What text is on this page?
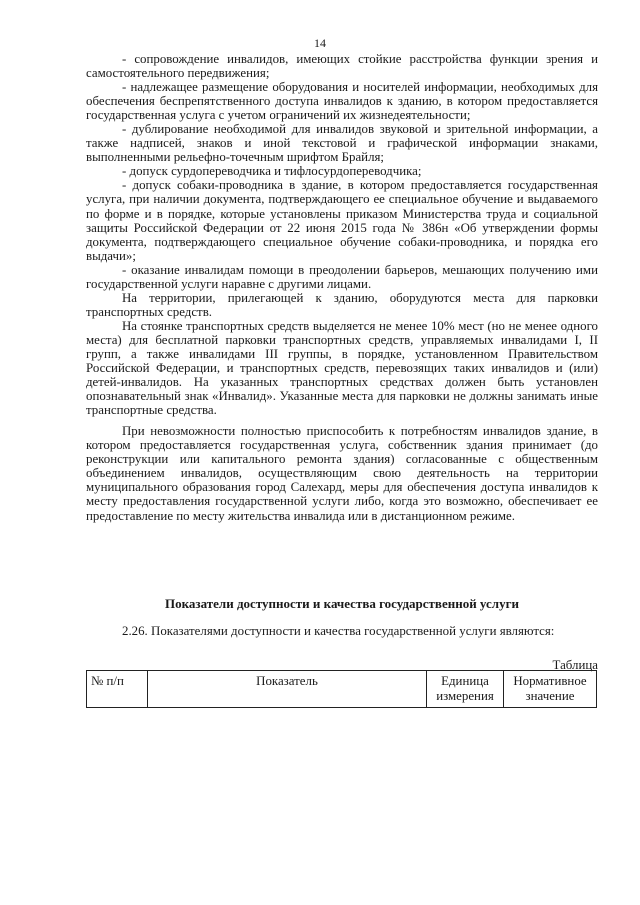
14

- сопровождение инвалидов, имеющих стойкие расстройства функции зрения и самостоятельного передвижения;

- надлежащее размещение оборудования и носителей информации, необходимых для обеспечения беспрепятственного доступа инвалидов к зданию, в котором предоставляется государственная услуга с учетом ограничений их жизнедеятельности;

- дублирование необходимой для инвалидов звуковой и зрительной информации, а также надписей, знаков и иной текстовой и графической информации знаками, выполненными рельефно-точечным шрифтом Брайля;

- допуск сурдопереводчика и тифлосурдопереводчика;

- допуск собаки-проводника в здание, в котором предоставляется государственная услуга, при наличии документа, подтверждающего ее специальное обучение и выдаваемого по форме и в порядке, которые установлены приказом Министерства труда и социальной защиты Российской Федерации от 22 июня 2015 года № 386н «Об утверждении формы документа, подтверждающего специальное обучение собаки-проводника, и порядка его выдачи»;

- оказание инвалидам помощи в преодолении барьеров, мешающих получению ими государственной услуги наравне с другими лицами.

На территории, прилегающей к зданию, оборудуются места для парковки транспортных средств.

На стоянке транспортных средств выделяется не менее 10% мест (но не менее одного места) для бесплатной парковки транспортных средств, управляемых инвалидами I, II групп, а также инвалидами III группы, в порядке, установленном Правительством Российской Федерации, и транспортных средств, перевозящих таких инвалидов и (или) детей-инвалидов. На указанных транспортных средствах должен быть установлен опознавательный знак «Инвалид». Указанные места для парковки не должны занимать иные транспортные средства.

При невозможности полностью приспособить к потребностям инвалидов здание, в котором предоставляется государственная услуга, собственник здания принимает (до реконструкции или капитального ремонта здания) согласованные с общественным объединением инвалидов, осуществляющим свою деятельность на территории муниципального образования город Салехард, меры для обеспечения доступа инвалидов к месту предоставления государственной услуги либо, когда это возможно, обеспечивает ее предоставление по месту жительства инвалида или в дистанционном режиме.

Показатели доступности и качества государственной услуги
2.26. Показателями доступности и качества государственной услуги являются:
Таблица
№ п/п	Показатель	Единица измерения	Нормативное значение
